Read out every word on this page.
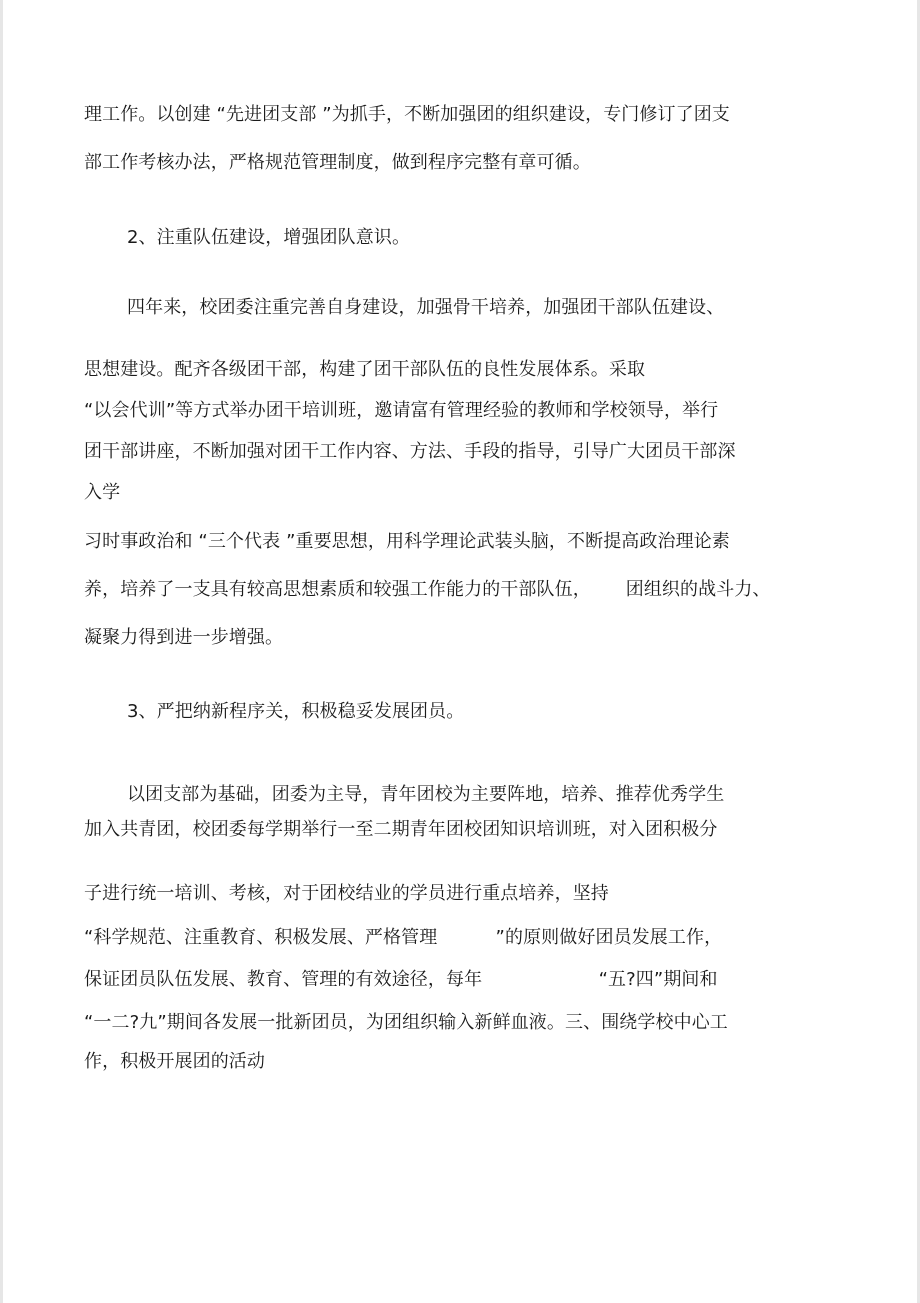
理工作。以创建 “先进团支部 ”为抓手，不断加强团的组织建设，专门修订了团支
部工作考核办法，严格规范管理制度，做到程序完整有章可循。
2、注重队伍建设，增强团队意识。
四年来，校团委注重完善自身建设，加强骨干培养，加强团干部队伍建设、
思想建设。配齐各级团干部，构建了团干部队伍的良性发展体系。采取
“以会代训”等方式举办团干培训班，邀请富有管理经验的教师和学校领导，举行
团干部讲座，不断加强对团干工作内容、方法、手段的指导，引导广大团员干部深
入学
习时事政治和 “三个代表 ”重要思想，用科学理论武装头脑，不断提高政治理论素
养，培养了一支具有较高思想素质和较强工作能力的干部队伍，      团组织的战斗力、
凝聚力得到进一步增强。
3、严把纳新程序关，积极稳妥发展团员。
以团支部为基础，团委为主导，青年团校为主要阵地，培养、推荐优秀学生
加入共青团，校团委每学期举行一至二期青年团校团知识培训班，对入团积极分
子进行统一培训、考核，对于团校结业的学员进行重点培养，坚持
“科学规范、注重教育、积极发展、严格管理          ”的原则做好团员发展工作，
保证团员队伍发展、教育、管理的有效途径，每年                    “五?四”期间和
“一二?九”期间各发展一批新团员，为团组织输入新鲜血液。三、围绕学校中心工
作，积极开展团的活动
